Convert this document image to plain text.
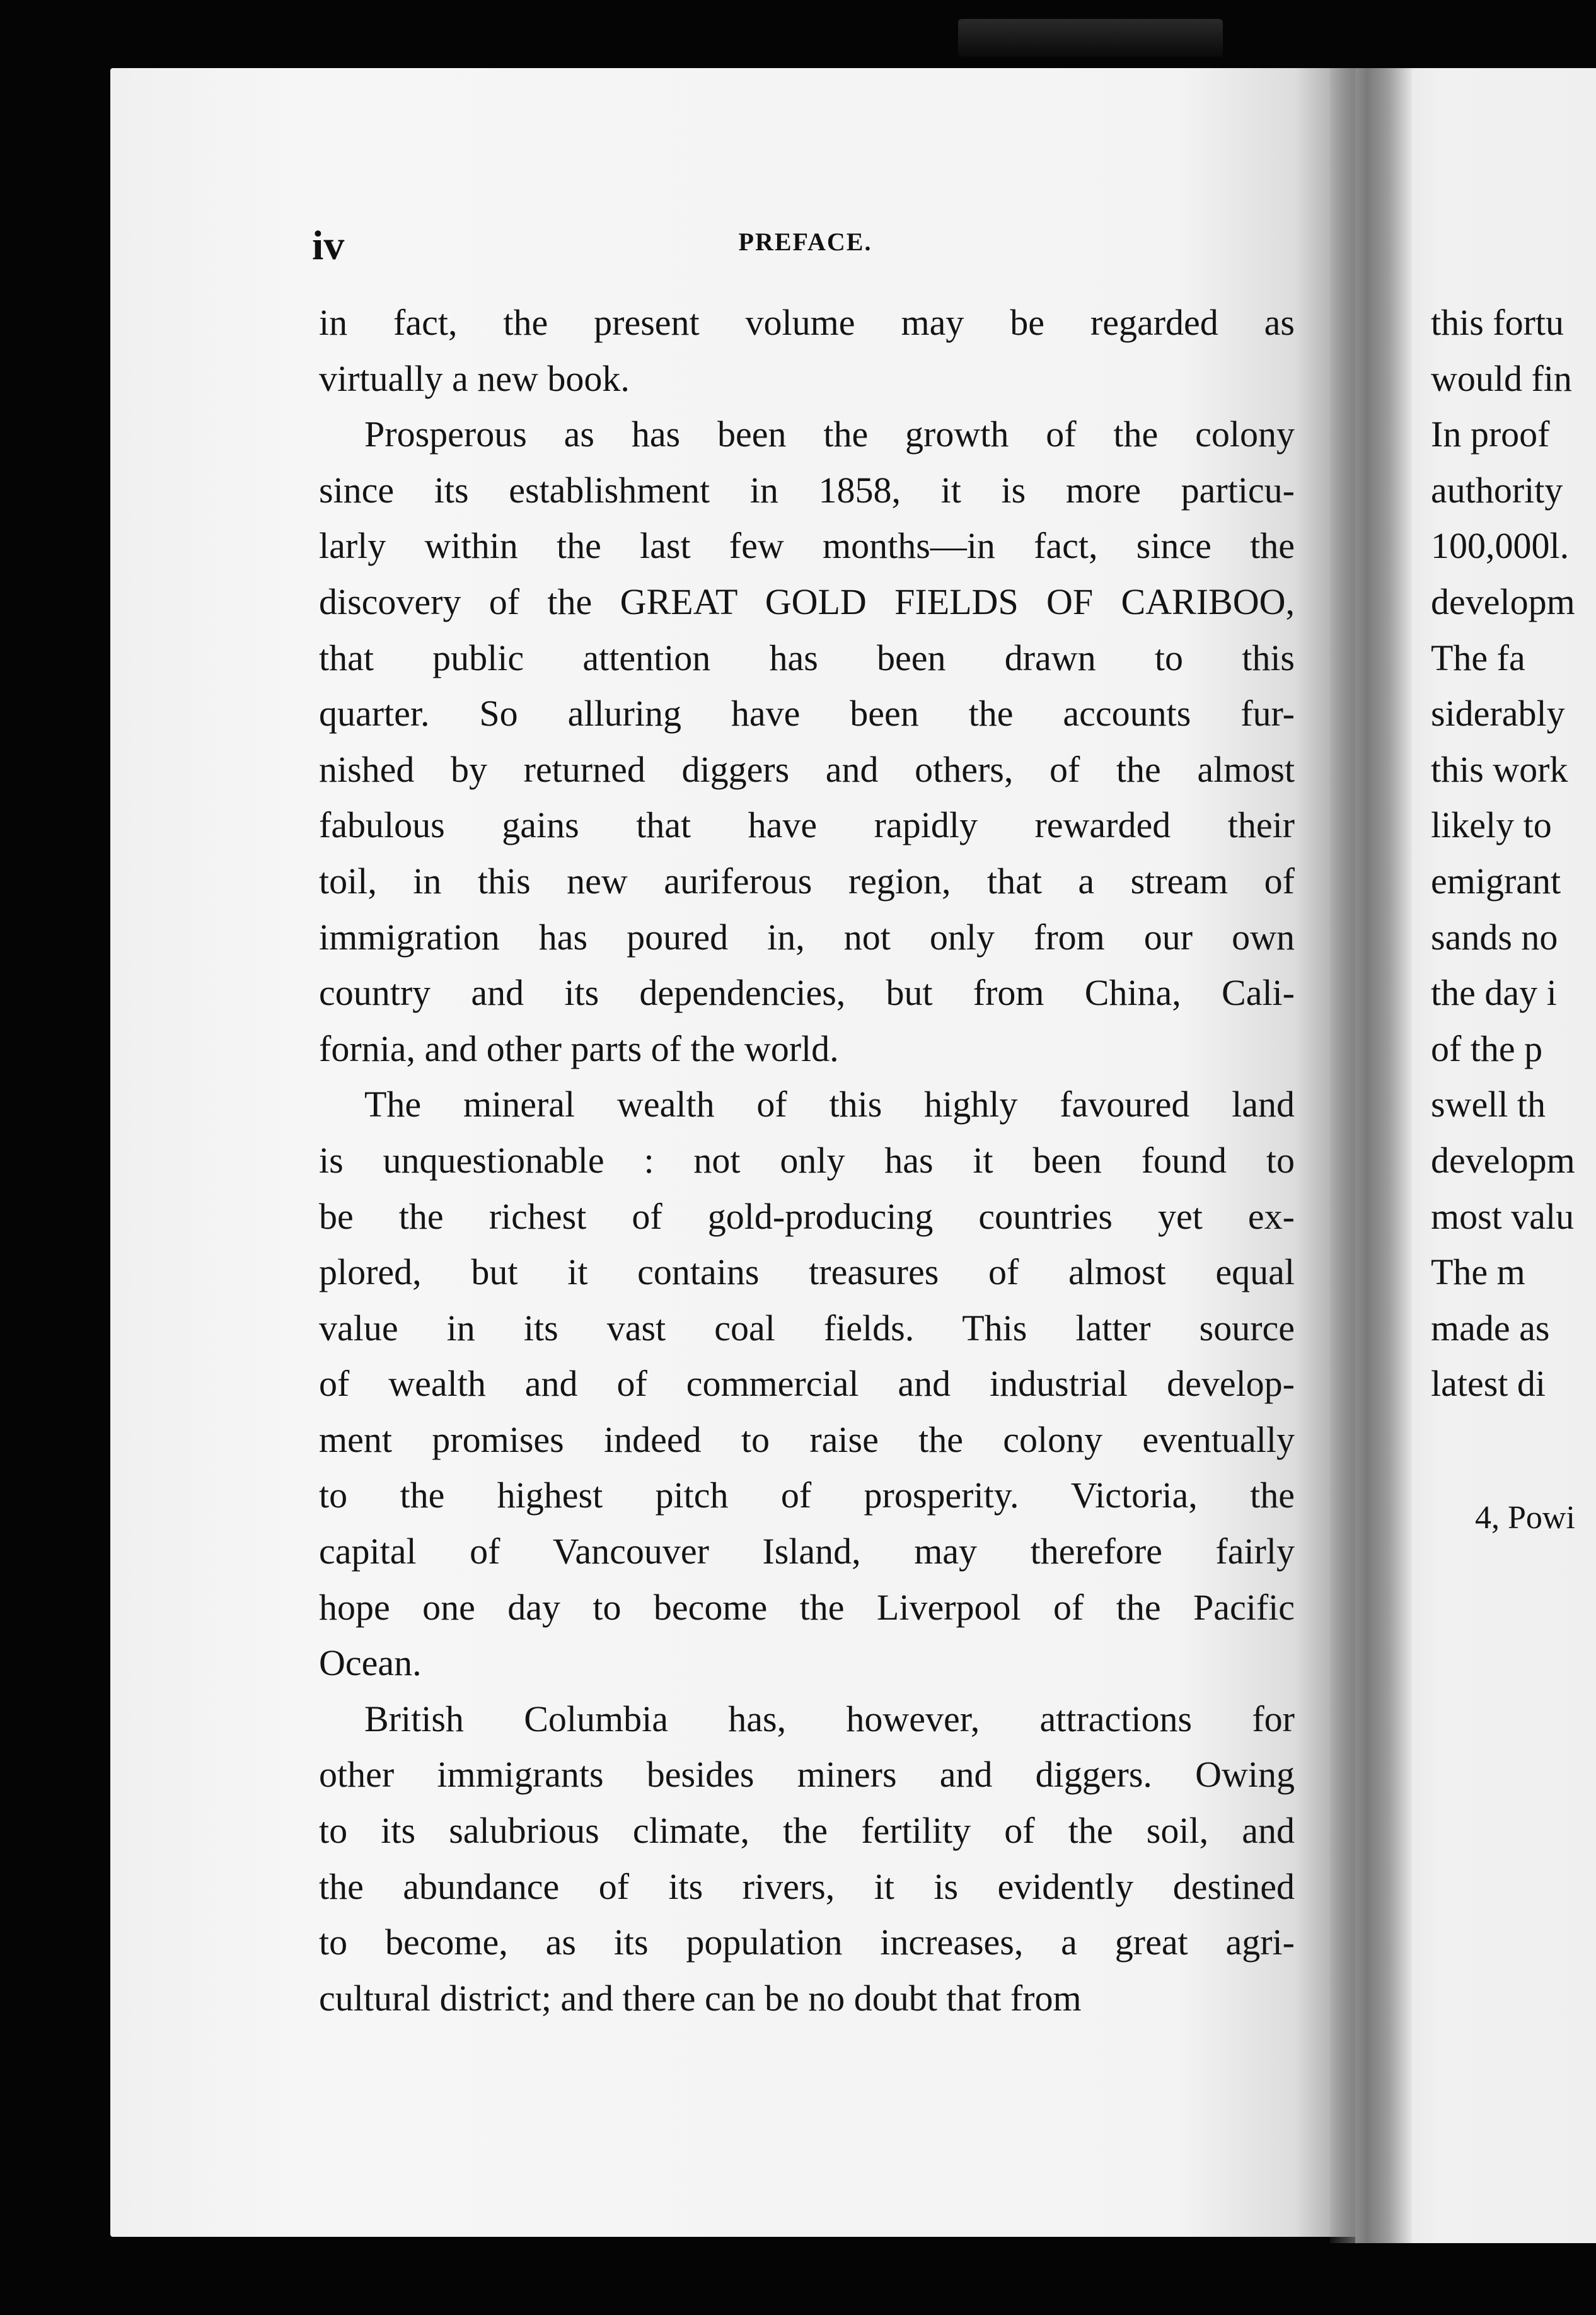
iv	PREFACE.
in fact, the present volume may be regarded as
virtually a new book.
Prosperous as has been the growth of the colony
since its establishment in 1858, it is more particu-
larly within the last few months—in fact, since the
discovery of the GREAT GOLD FIELDS OF CARIBOO,
that public attention has been drawn to this
quarter. So alluring have been the accounts fur-
nished by returned diggers and others, of the almost
fabulous gains that have rapidly rewarded their
toil, in this new auriferous region, that a stream of
immigration has poured in, not only from our own
country and its dependencies, but from China, Cali-
fornia, and other parts of the world.
The mineral wealth of this highly favoured land
is unquestionable : not only has it been found to
be the richest of gold-producing countries yet ex-
plored, but it contains treasures of almost equal
value in its vast coal fields. This latter source
of wealth and of commercial and industrial develop-
ment promises indeed to raise the colony eventually
to the highest pitch of prosperity. Victoria, the
capital of Vancouver Island, may therefore fairly
hope one day to become the Liverpool of the Pacific
Ocean.
British Columbia has, however, attractions for
other immigrants besides miners and diggers. Owing
to its salubrious climate, the fertility of the soil, and
the abundance of its rivers, it is evidently destined
to become, as its population increases, a great agri-
cultural district; and there can be no doubt that from
this fortu
would fin
In proof
authority
100,000l.
developm
The fa
siderably
this work
likely to
emigrant
sands no
the day i
of the p
swell th
developm
most valu
The m
made as
latest di
4, Powi
